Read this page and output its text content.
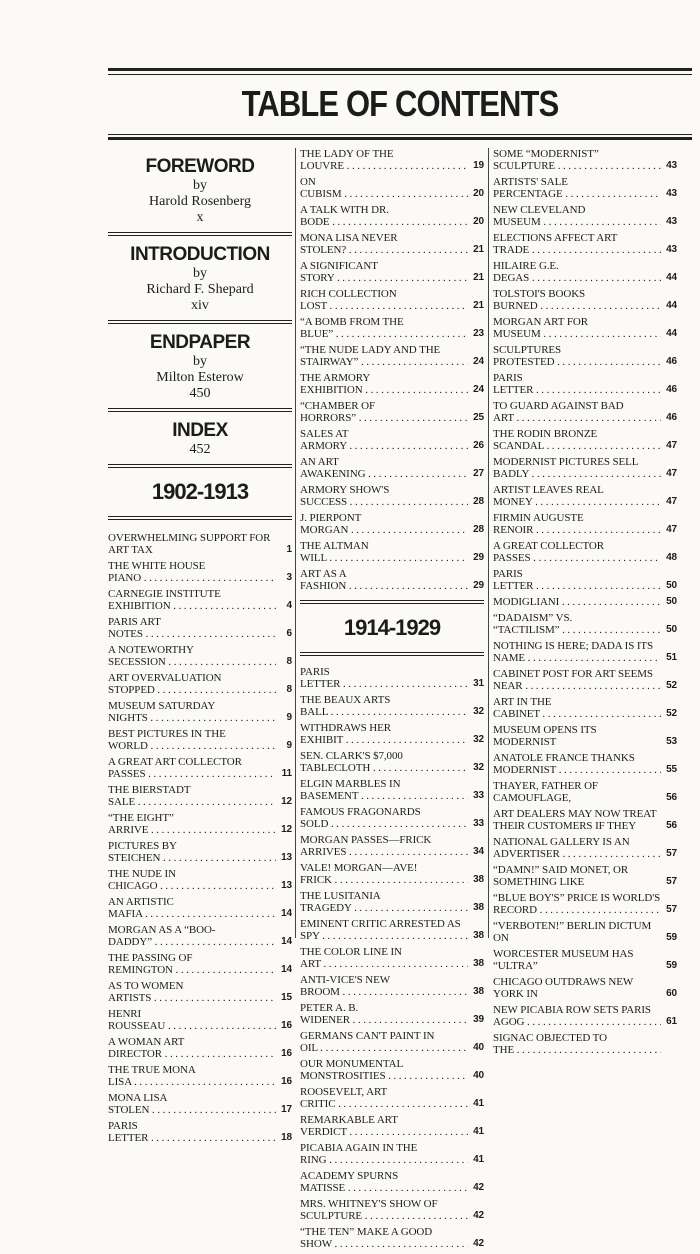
TABLE OF CONTENTS
FOREWORD
by
Harold Rosenberg
x
INTRODUCTION
by
Richard F. Shepard
xiv
ENDPAPER
by
Milton Esterow
450
INDEX
452
1902-1913
OVERWHELMING SUPPORT FOR ART TAX . . .	1
THE WHITE HOUSE PIANO . . .	3
CARNEGIE INSTITUTE EXHIBITION . . .	4
PARIS ART NOTES . . .	6
A NOTEWORTHY SECESSION . . .	8
ART OVERVALUATION STOPPED . . .	8
MUSEUM SATURDAY NIGHTS . . .	9
BEST PICTURES IN THE WORLD . . .	9
A GREAT ART COLLECTOR PASSES . . .	11
THE BIERSTADT SALE . . .	12
“THE EIGHT” ARRIVE . . .	12
PICTURES BY STEICHEN . . .	13
THE NUDE IN CHICAGO . . .	13
AN ARTISTIC MAFIA . . .	14
MORGAN AS A “BOO-DADDY” . . .	14
THE PASSING OF REMINGTON . . .	14
AS TO WOMEN ARTISTS . . .	15
HENRI ROUSSEAU . . .	16
A WOMAN ART DIRECTOR . . .	16
THE TRUE MONA LISA . . .	16
MONA LISA STOLEN . . .	17
PARIS LETTER . . .	18
THE LADY OF THE LOUVRE . . .	19
ON CUBISM . . .	20
A TALK WITH DR. BODE . . .	20
MONA LISA NEVER STOLEN? . . .	21
A SIGNIFICANT STORY . . .	21
RICH COLLECTION LOST . . .	21
“A BOMB FROM THE BLUE” . . .	23
“THE NUDE LADY AND THE STAIRWAY” . . .	24
THE ARMORY EXHIBITION . . .	24
“CHAMBER OF HORRORS” . . .	25
SALES AT ARMORY . . .	26
AN ART AWAKENING . . .	27
ARMORY SHOW'S SUCCESS . . .	28
J. PIERPONT MORGAN . . .	28
THE ALTMAN WILL . . .	29
ART AS A FASHION . . .	29
1914-1929
PARIS LETTER . . .	31
THE BEAUX ARTS BALL . . .	32
WITHDRAWS HER EXHIBIT . . .	32
SEN. CLARK'S $7,000 TABLECLOTH . . .	32
ELGIN MARBLES IN BASEMENT . . .	33
FAMOUS FRAGONARDS SOLD . . .	33
MORGAN PASSES—FRICK ARRIVES . . .	34
VALE! MORGAN—AVE! FRICK . . .	38
THE LUSITANIA TRAGEDY . . .	38
EMINENT CRITIC ARRESTED AS SPY . . .	38
THE COLOR LINE IN ART . . .	38
ANTI-VICE'S NEW BROOM . . .	38
PETER A. B. WIDENER . . .	39
GERMANS CAN'T PAINT IN OIL . . .	40
OUR MONUMENTAL MONSTROSITIES . . .	40
ROOSEVELT, ART CRITIC . . .	41
REMARKABLE ART VERDICT . . .	41
PICABIA AGAIN IN THE RING . . .	41
ACADEMY SPURNS MATISSE . . .	42
MRS. WHITNEY'S SHOW OF SCULPTURE . . .	42
“THE TEN” MAKE A GOOD SHOW . . .	42
SOME “MODERNIST” SCULPTURE . . .	43
ARTISTS' SALE PERCENTAGE . . .	43
NEW CLEVELAND MUSEUM . . .	43
ELECTIONS AFFECT ART TRADE . . .	43
HILAIRE G.E. DEGAS . . .	44
TOLSTOI'S BOOKS BURNED . . .	44
MORGAN ART FOR MUSEUM . . .	44
SCULPTURES PROTESTED . . .	46
PARIS LETTER . . .	46
TO GUARD AGAINST BAD ART . . .	46
THE RODIN BRONZE SCANDAL . . .	47
MODERNIST PICTURES SELL BADLY . . .	47
ARTIST LEAVES REAL MONEY . . .	47
FIRMIN AUGUSTE RENOIR . . .	47
A GREAT COLLECTOR PASSES . . .	48
PARIS LETTER . . .	50
MODIGLIANI . . .	50
“DADAISM” VS. “TACTILISM” . . .	50
NOTHING IS HERE; DADA IS ITS NAME . . .	51
CABINET POST FOR ART SEEMS NEAR . . .	52
ART IN THE CABINET . . .	52
MUSEUM OPENS ITS MODERNIST . . .	53
ANATOLE FRANCE THANKS MODERNIST . . .	55
THAYER, FATHER OF CAMOUFLAGE, . . .	56
ART DEALERS MAY NOW TREAT THEIR CUSTOMERS IF THEY . . .	56
NATIONAL GALLERY IS AN ADVERTISER . . .	57
“DAMN!” SAID MONET, OR SOMETHING LIKE . . .	57
“BLUE BOY'S” PRICE IS WORLD'S RECORD . . .	57
“VERBOTEN!” BERLIN DICTUM ON . . .	59
WORCESTER MUSEUM HAS “ULTRA” . . .	59
CHICAGO OUTDRAWS NEW YORK IN . . .	60
NEW PICABIA ROW SETS PARIS AGOG . . .	61
SIGNAC OBJECTED TO THE . . .
